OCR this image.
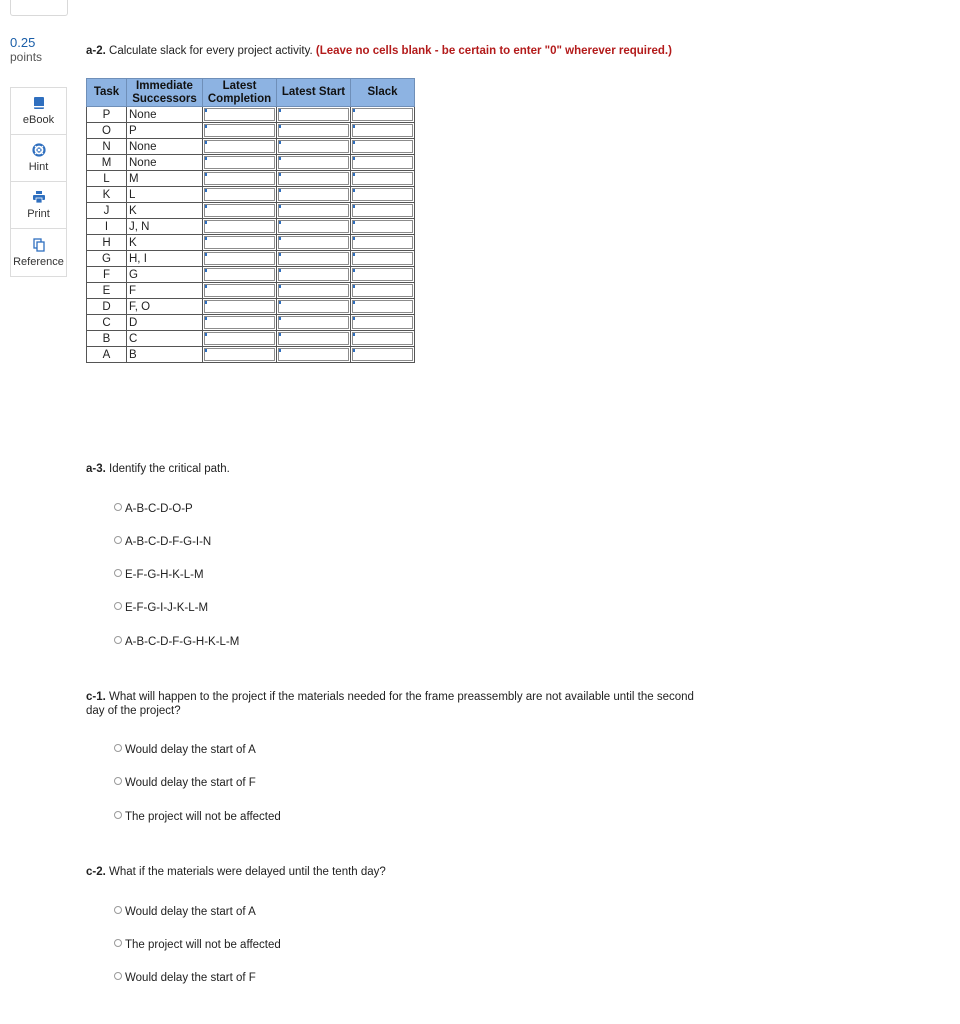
0.25
points
eBook
Hint
Print
Reference
a-2. Calculate slack for every project activity. (Leave no cells blank - be certain to enter "0" wherever required.)
Task	Immediate Successors	Latest Completion	Latest Start	Slack
P	None	

O	P	

N	None	

M	None	

L	M	

K	L	

J	K	

I	J, N	

H	K	

G	H, I	

F	G	

E	F	

D	F, O	

C	D	

B	C	

A	B	

a-3. Identify the critical path.
A-B-C-D-O-P
A-B-C-D-F-G-I-N
E-F-G-H-K-L-M
E-F-G-I-J-K-L-M
A-B-C-D-F-G-H-K-L-M
c-1. What will happen to the project if the materials needed for the frame preassembly are not available until the second
day of the project?
Would delay the start of A
Would delay the start of F
The project will not be affected
c-2. What if the materials were delayed until the tenth day?
Would delay the start of A
The project will not be affected
Would delay the start of F
